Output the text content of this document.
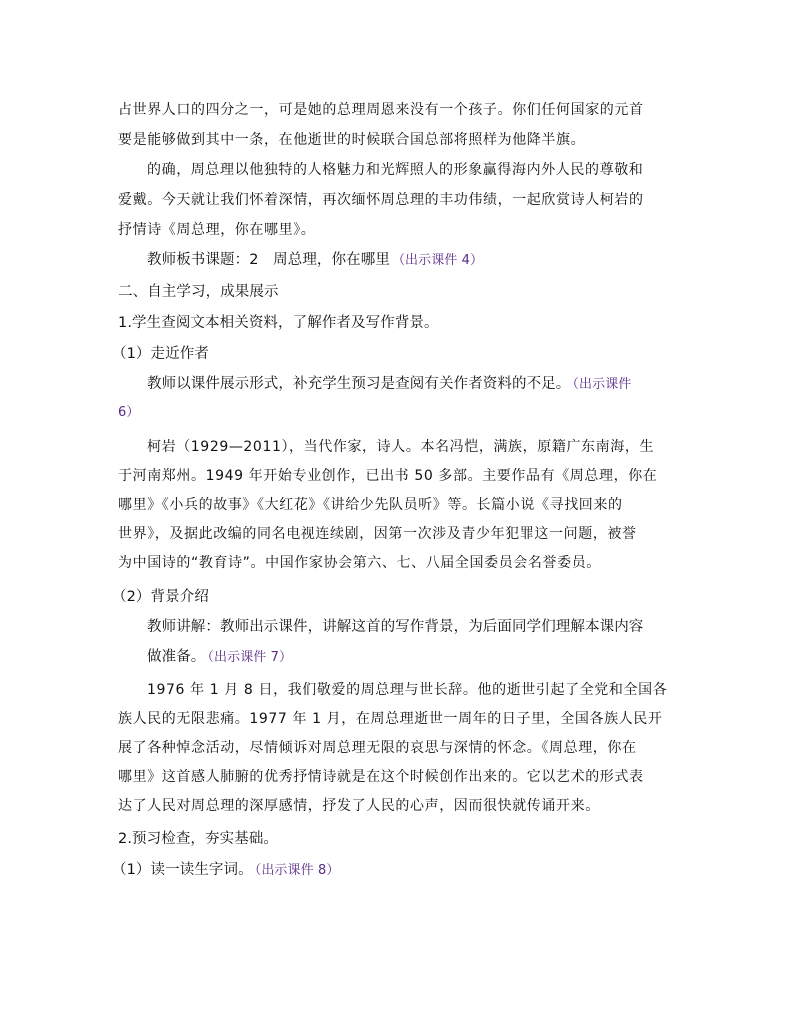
占世界人口的四分之一，可是她的总理周恩来没有一个孩子。你们任何国家的元首
要是能够做到其中一条，在他逝世的时候联合国总部将照样为他降半旗。
的确，周总理以他独特的人格魅力和光辉照人的形象赢得海内外人民的尊敬和
爱戴。今天就让我们怀着深情，再次缅怀周总理的丰功伟绩，一起欣赏诗人柯岩的
抒情诗《周总理，你在哪里》。
教师板书课题：2　周总理，你在哪里 （出示课件 4）
二、自主学习，成果展示
1.学生查阅文本相关资料，了解作者及写作背景。
（1）走近作者
教师以课件展示形式，补充学生预习是查阅有关作者资料的不足。 （出示课件
6）
柯岩（1929—2011），当代作家，诗人。本名冯恺，满族，原籍广东南海，生
于河南郑州。1949 年开始专业创作，已出书 50 多部。主要作品有《周总理，你在
哪里》《小兵的故事》《大红花》《讲给少先队员听》等。长篇小说《寻找回来的
世界》，及据此改编的同名电视连续剧，因第一次涉及青少年犯罪这一问题，被誉
为中国诗的“教育诗”。中国作家协会第六、七、八届全国委员会名誉委员。
（2）背景介绍
教师讲解：教师出示课件，讲解这首的写作背景，为后面同学们理解本课内容
做准备。 （出示课件 7）
1976 年 1 月 8 日，我们敬爱的周总理与世长辞。他的逝世引起了全党和全国各
族人民的无限悲痛。1977 年 1 月，在周总理逝世一周年的日子里，全国各族人民开
展了各种悼念活动，尽情倾诉对周总理无限的哀思与深情的怀念。《周总理，你在
哪里》这首感人肺腑的优秀抒情诗就是在这个时候创作出来的。它以艺术的形式表
达了人民对周总理的深厚感情，抒发了人民的心声，因而很快就传诵开来。
2.预习检查，夯实基础。
（1）读一读生字词。 （出示课件 8）
